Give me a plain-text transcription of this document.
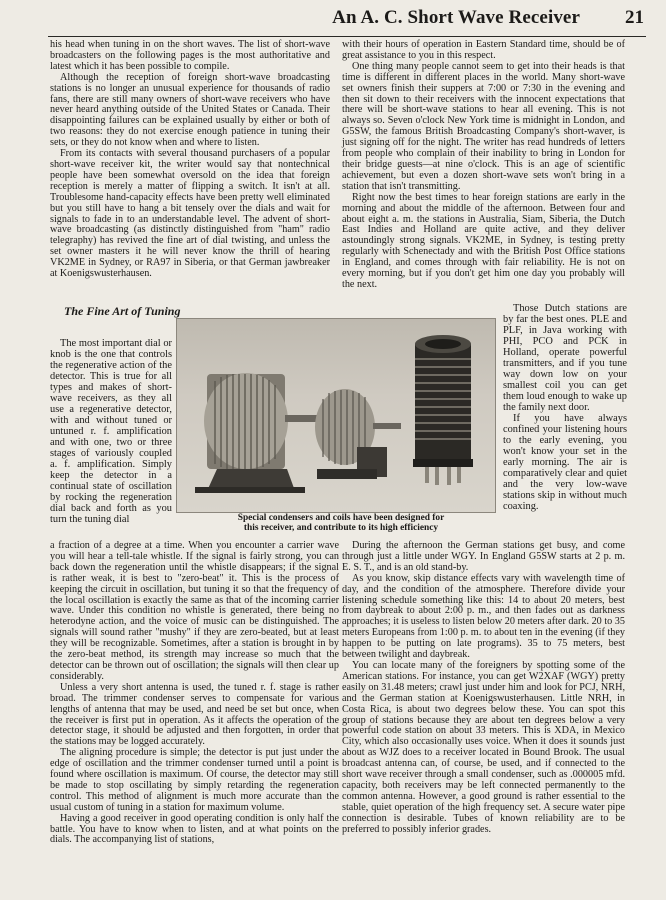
An A. C. Short Wave Receiver 21

his head when tuning in on the short waves. The list of short-wave broadcasters on the following pages is the most authoritative and latest which it has been possible to compile.

Although the reception of foreign short-wave broadcasting stations is no longer an unusual experience for thousands of radio fans, there are still many owners of short-wave receivers who have never heard anything outside of the United States or Canada. Their disappointing failures can be explained usually by either or both of two reasons: they do not exercise enough patience in tuning their sets, or they do not know when and where to listen.

From its contacts with several thousand purchasers of a popular short-wave receiver kit, the writer would say that nontechnical people have been somewhat oversold on the idea that foreign reception is merely a matter of flipping a switch. It isn't at all. Troublesome hand-capacity effects have been pretty well eliminated but you still have to hang a bit tensely over the dials and wait for signals to fade in to an understandable level. The advent of short-wave broadcasting (as distinctly distinguished from "ham" radio telegraphy) has revived the fine art of dial twisting, and unless the set owner masters it he will never know the thrill of hearing VK2ME in Sydney, or RA97 in Siberia, or that German jawbreaker at Koenigswusterhausen.

with their hours of operation in Eastern Standard time, should be of great assistance to you in this respect.

One thing many people cannot seem to get into their heads is that time is different in different places in the world. Many short-wave set owners finish their suppers at 7:00 or 7:30 in the evening and then sit down to their receivers with the innocent expectations that there will be short-wave stations to hear all evening. This is not always so. Seven o'clock New York time is midnight in London, and G5SW, the famous British Broadcasting Company's short-waver, is just signing off for the night. The writer has read hundreds of letters from people who complain of their inability to bring in London for their bridge guests—at nine o'clock. This is an age of scientific achievement, but even a dozen short-wave sets won't bring in a station that isn't transmitting.

Right now the best times to hear foreign stations are early in the morning and about the middle of the afternoon. Between four and about eight a. m. the stations in Australia, Siam, Siberia, the Dutch East Indies and Holland are quite active, and they deliver astoundingly strong signals. VK2ME, in Sydney, is testing pretty regularly with Schenectady and with the British Post Office stations in England, and comes through with fair reliability. He is not on every morning, but if you don't get him one day you probably will the next.

The Fine Art of Tuning

The most important dial or knob is the one that controls the regenerative action of the detector. This is true for all types and makes of short-wave receivers, as they all use a regenerative detector, with and without tuned or untuned r. f. amplification and with one, two or three stages of variously coupled a. f. amplification. Simply keep the detector in a continual state of oscillation by rocking the regeneration dial back and forth as you turn the tuning dial	Special condensers and coils have been designed for this receiver, and contribute to its high efficiency

Those Dutch stations are by far the best ones. PLE and PLF, in Java working with PHI, PCO and PCK in Holland, operate powerful transmitters, and if you tune way down low on your smallest coil you can get them loud enough to wake up the family next door.

If you have always confined your listening hours to the early evening, you won't know your set in the early morning. The air is comparatively clear and quiet and the very low-wave stations skip in without much coaxing.

a fraction of a degree at a time. When you encounter a carrier wave you will hear a tell-tale whistle. If the signal is fairly strong, you can back down the regeneration until the whistle disappears; if the signal is rather weak, it is best to "zero-beat" it. This is the process of keeping the circuit in oscillation, but tuning it so that the frequency of the local oscillation is exactly the same as that of the incoming carrier wave. Under this condition no whistle is generated, there being no heterodyne action, and the voice of music can be distinguished. The signals will sound rather "mushy" if they are zero-beated, but at least they will be recognizable. Sometimes, after a station is brought in by the zero-beat method, its strength may increase so much that the detector can be thrown out of oscillation; the signals will then clear up considerably.

Unless a very short antenna is used, the tuned r. f. stage is rather broad. The trimmer condenser serves to compensate for various lengths of antenna that may be used, and need be set but once, when the receiver is first put in operation. As it affects the operation of the detector stage, it should be adjusted and then forgotten, in order that the stations may be logged accurately.

The aligning procedure is simple; the detector is put just under the edge of oscillation and the trimmer condenser turned until a point is found where oscillation is maximum. Of course, the detector may still be made to stop oscillating by simply retarding the regeneration control. This method of alignment is much more accurate than the usual custom of tuning in a station for maximum volume.

Having a good receiver in good operating condition is only half the battle. You have to know when to listen, and at what points on the dials. The accompanying list of stations,

During the afternoon the German stations get busy, and come through just a little under WGY. In England G5SW starts at 2 p. m. E. S. T., and is an old stand-by.

As you know, skip distance effects vary with wavelength time of day, and the condition of the atmosphere. Therefore divide your listening schedule something like this: 14 to about 20 meters, best from daybreak to about 2:00 p. m., and then fades out as darkness approaches; it is useless to listen below 20 meters after dark. 20 to 35 meters Europeans from 1:00 p. m. to about ten in the evening (if they happen to be putting on late programs). 35 to 75 meters, best between twilight and daybreak.

You can locate many of the foreigners by spotting some of the American stations. For instance, you can get W2XAF (WGY) pretty easily on 31.48 meters; crawl just under him and look for PCJ, NRH, and the German station at Koenigswusterhausen. Little NRH, in Costa Rica, is about two degrees below these. You can spot this group of stations because they are about ten degrees below a very powerful code station on about 33 meters. This is XDA, in Mexico City, which also occasionally uses voice. When it does it sounds just about as WJZ does to a receiver located in Bound Brook. The usual broadcast antenna can, of course, be used, and if connected to the short wave receiver through a small condenser, such as .000005 mfd. capacity, both receivers may be left connected permanently to the common antenna. However, a good ground is rather essential to the stable, quiet operation of the high frequency set. A secure water pipe connection is desirable. Tubes of known reliability are to be preferred to possibly inferior grades.
